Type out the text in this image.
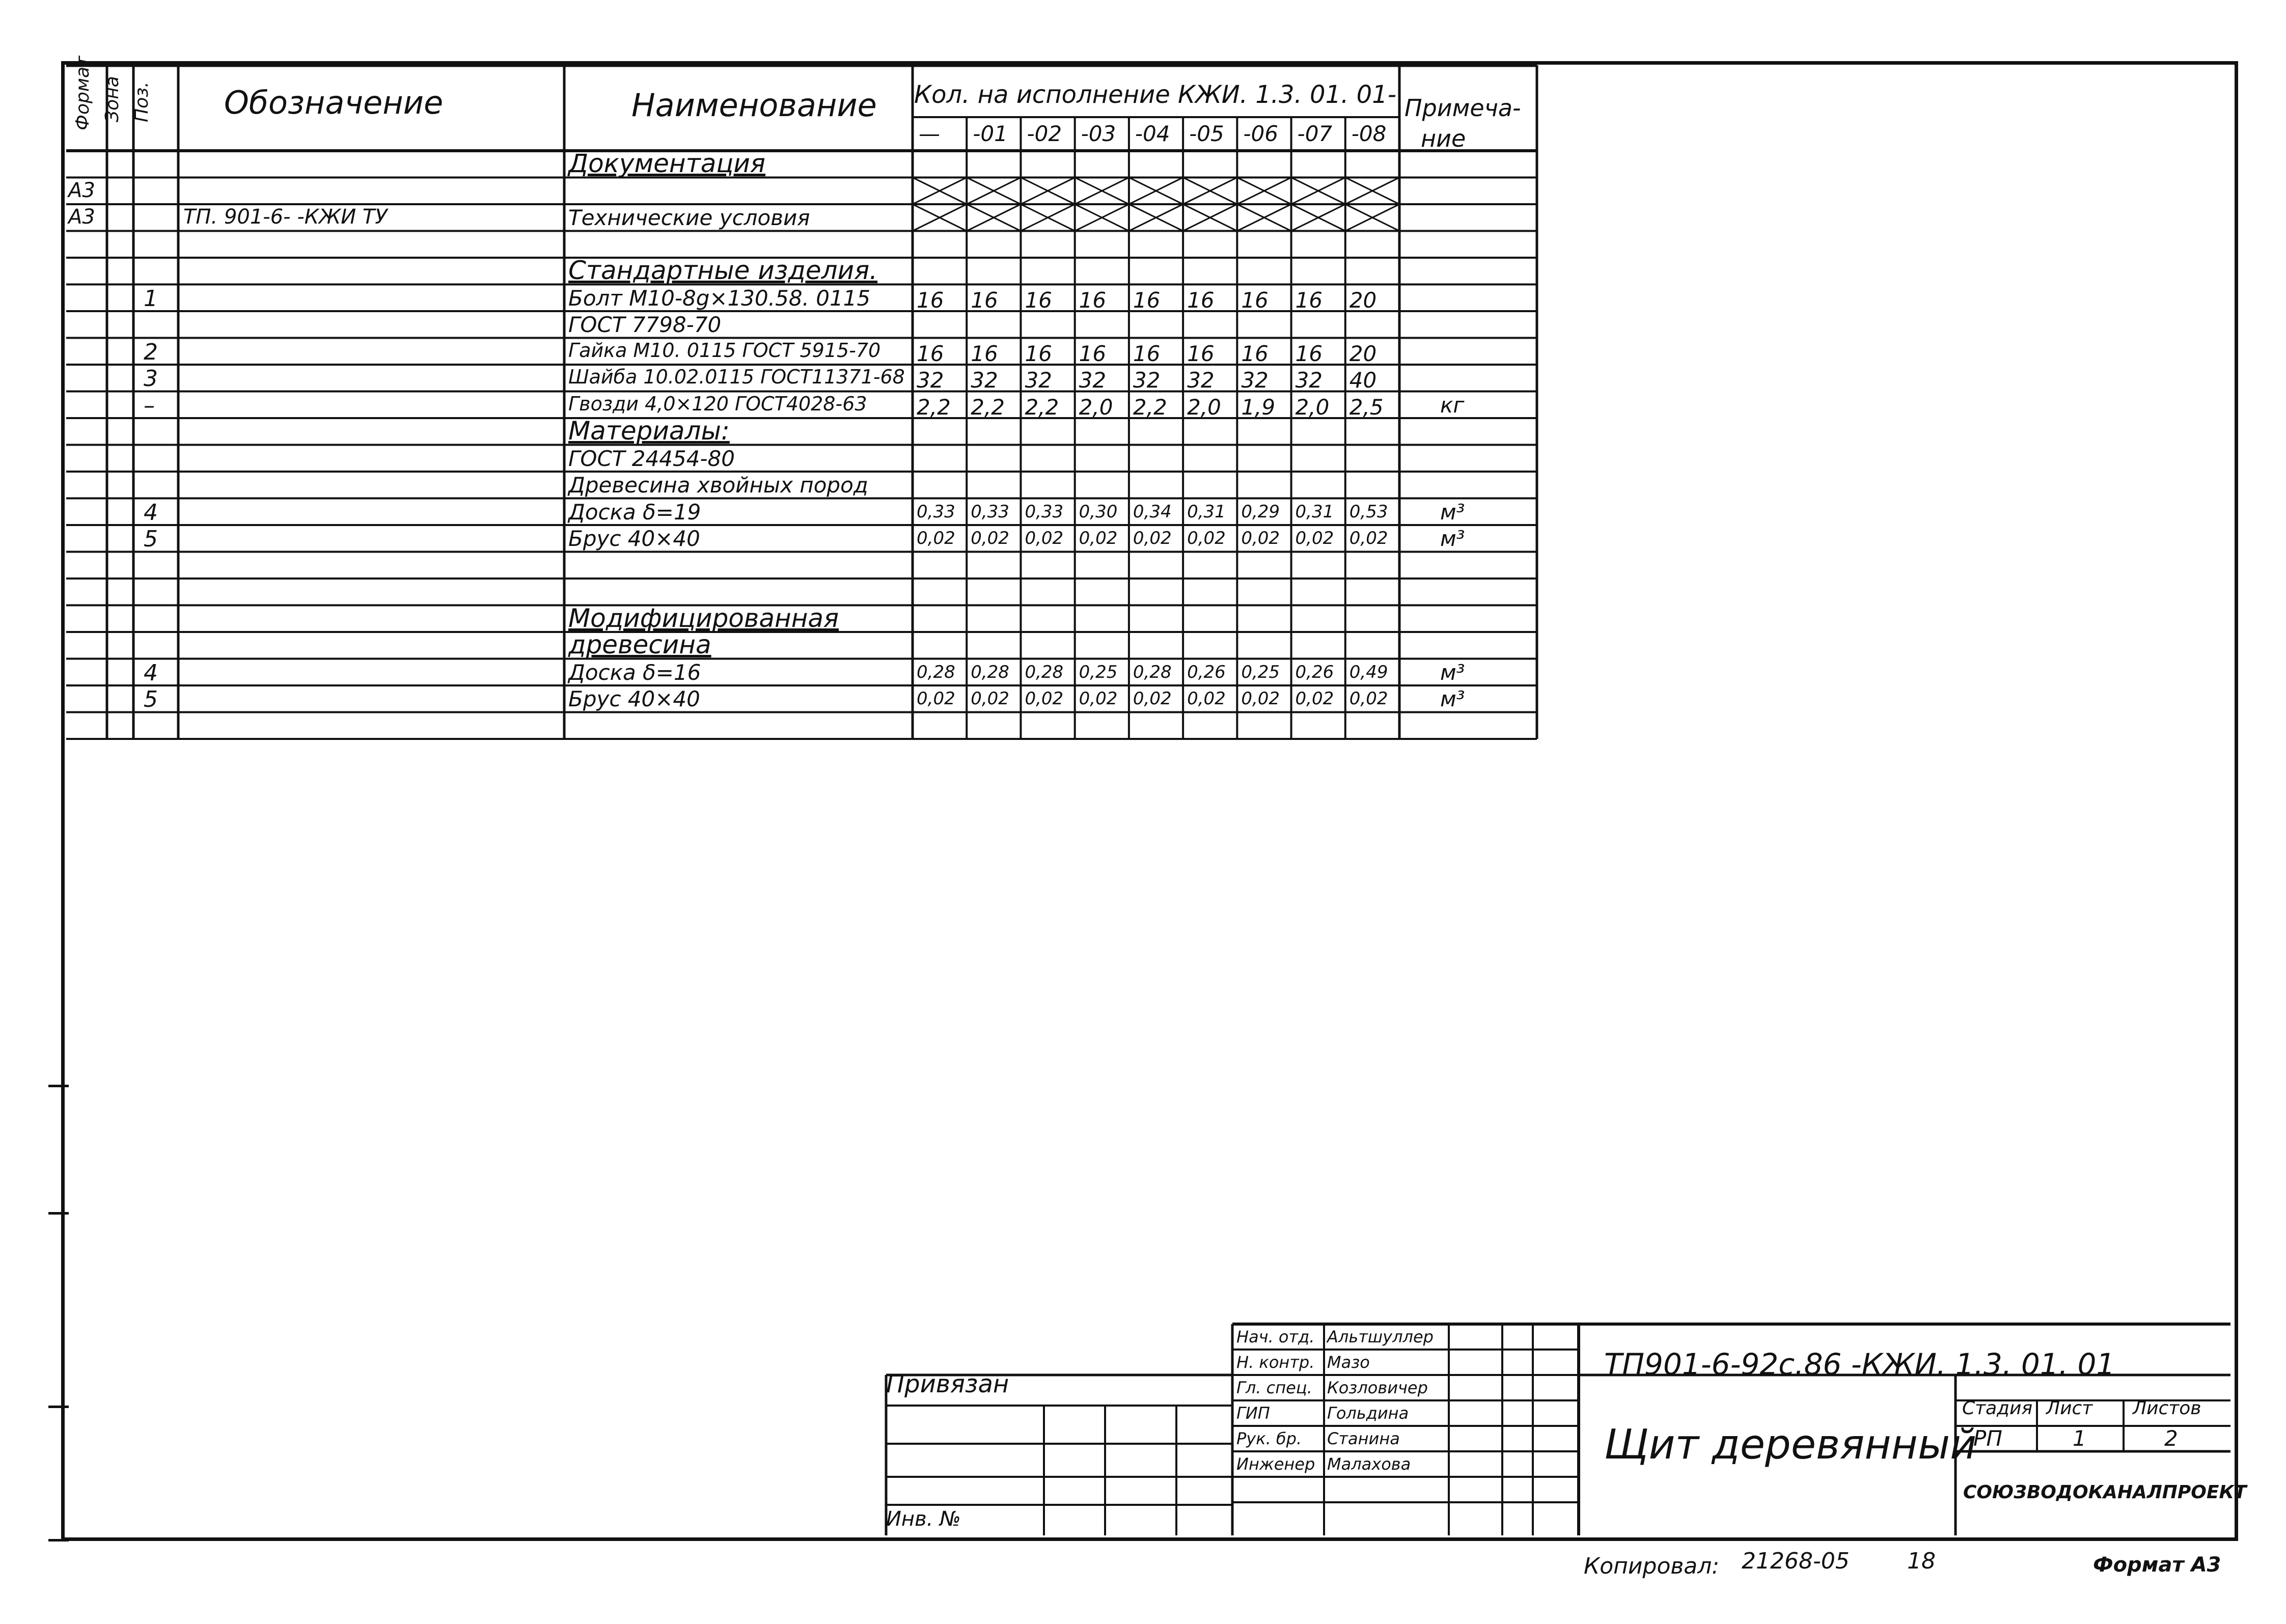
Формат Зона Поз. Обозначение	Наименование Кол. на исполнение КЖИ. 1.3. 01. 01- Примеча-
ние
— -01 -02 -03 -04 -05 -06 -07 -08
Документация
А3
А3	ТП. 901-6- -КЖИ ТУ	Технические условия
Стандартные изделия.
1	Болт М10-8g×130.58. 0115 16 16 16 16 16 16 16 16 20
ГОСТ 7798-70
2	Гайка М10. 0115 ГОСТ 5915-70 16 16 16 16 16 16 16 16 20
3	Шайба 10.02.0115 ГОСТ11371-68 32 32 32 32 32 32 32 32 40
–	Гвозди 4,0×120 ГОСТ4028-63 2,2 2,2 2,2 2,0 2,2 2,0 1,9 2,0 2,5	кг
Материалы:
ГОСТ 24454-80
Древесина хвойных пород
4	Доска δ=19	0,33 0,33 0,33 0,30 0,34 0,31 0,29 0,31 0,53 м³
5	Брус 40×40	0,02 0,02 0,02 0,02 0,02 0,02 0,02 0,02 0,02 м³
Модифицированная
древесина
4	Доска δ=16	0,28 0,28 0,28 0,25 0,28 0,26 0,25 0,26 0,49 м³
5	Брус 40×40	0,02 0,02 0,02 0,02 0,02 0,02 0,02 0,02 0,02 м³
Привязан
Инв. №
Нач. отд. Альтшуллер
Н. контр. Мазо
Гл. спец. Козловичер
ГИП	Гольдина
Рук. бр. Станина
Инженер Малахова
ТП901-6-92с.86 -КЖИ. 1.3. 01. 01
Щит деревянный
Стадия Лист Листов
РП	1	2
СОЮЗВОДОКАНАЛПРОЕКТ
Копировал: 21268-05	18	Формат А3
